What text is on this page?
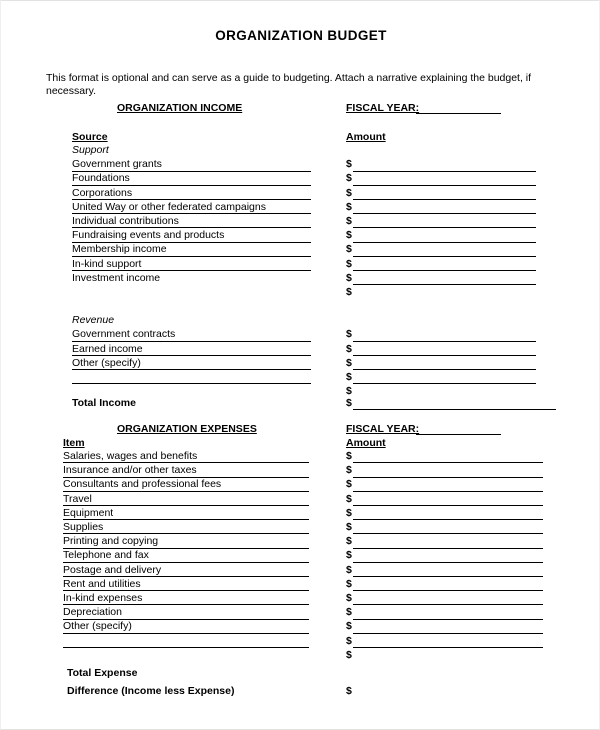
ORGANIZATION BUDGET
This format is optional and can serve as a guide to budgeting. Attach a narrative explaining the budget, if necessary.
ORGANIZATION INCOME	FISCAL YEAR:
Source	Amount
Support
Government grants	$
Foundations	$
Corporations	$
United Way or other federated campaigns	$
Individual contributions	$
Fundraising events and products	$
Membership income	$
In-kind support	$
Investment income	$
$
Revenue
Government contracts	$
Earned income	$
Other (specify)	$
$
$
Total Income	$
ORGANIZATION EXPENSES	FISCAL YEAR:
Item	Amount
Salaries, wages and benefits	$
Insurance and/or other taxes	$
Consultants and professional fees	$
Travel	$
Equipment	$
Supplies	$
Printing and copying	$
Telephone and fax	$
Postage and delivery	$
Rent and utilities	$
In-kind expenses	$
Depreciation	$
Other (specify)	$
$
$
Total Expense
Difference (Income less Expense)	$
